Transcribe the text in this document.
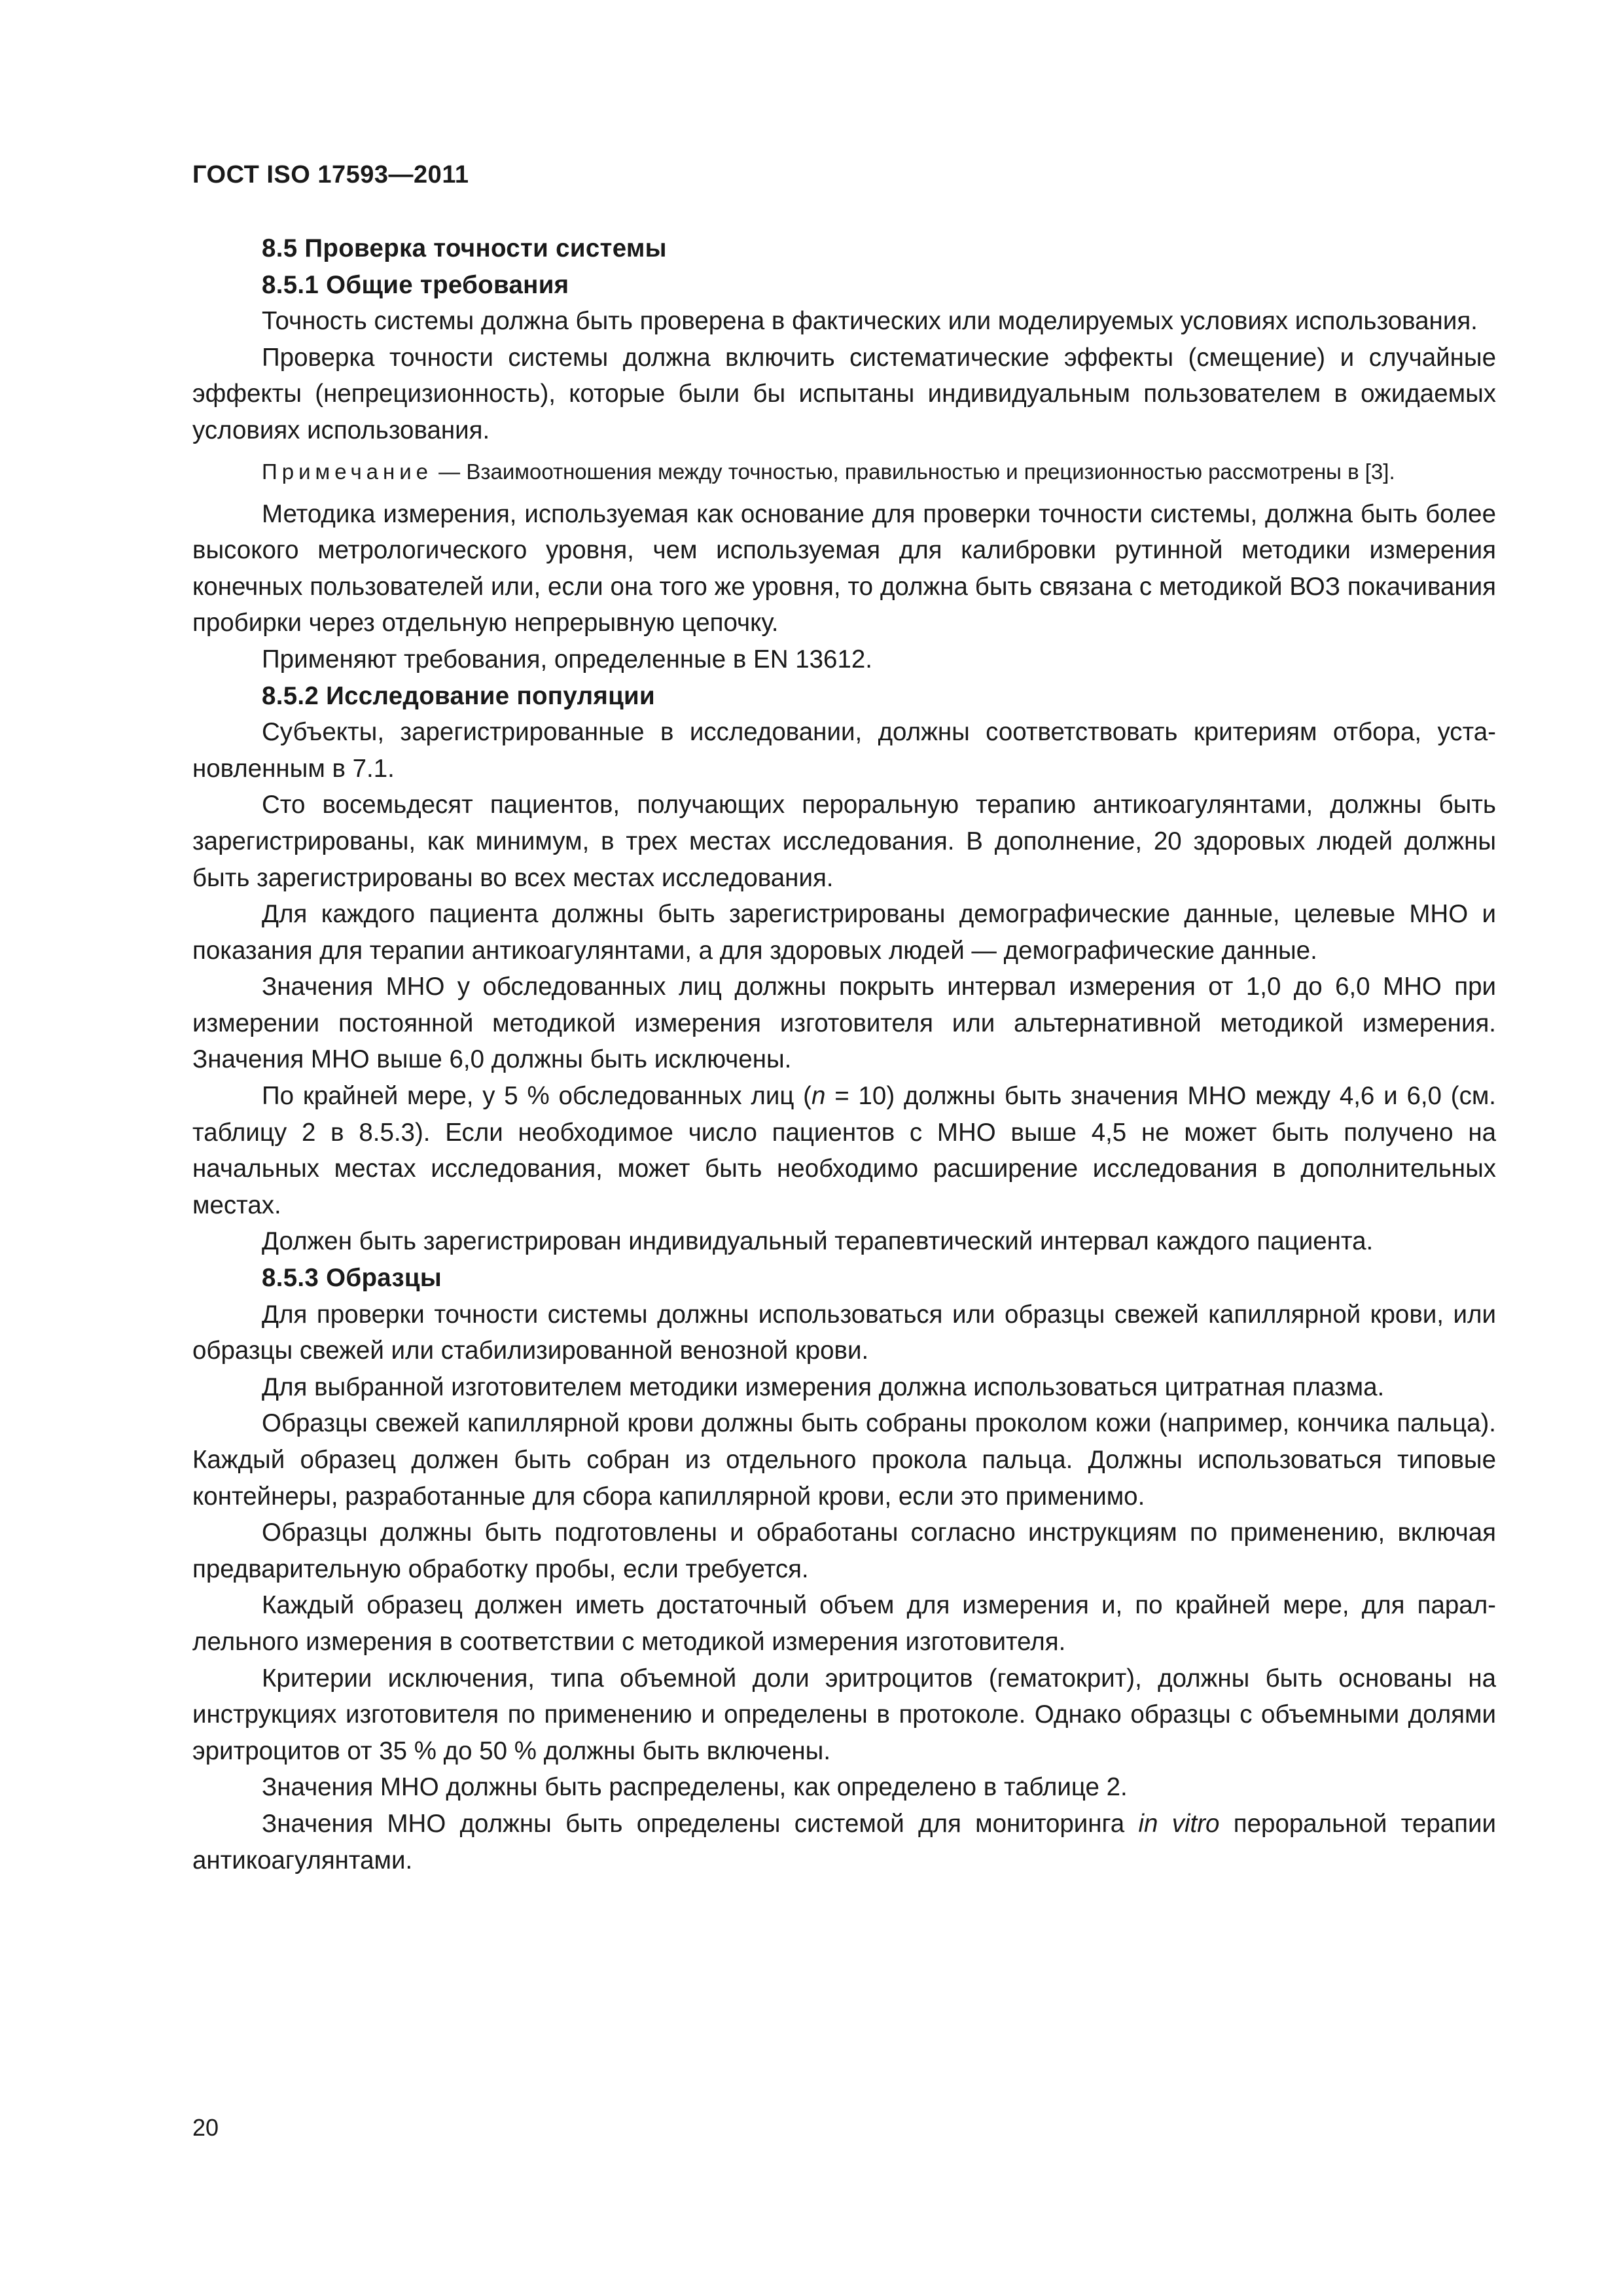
ГОСТ ISO 17593—2011
8.5 Проверка точности системы
8.5.1 Общие требования

Точность системы должна быть проверена в фактических или моделируемых условиях использования.

Проверка точности системы должна включить систематические эффекты (смещение) и случайные эффекты (непрецизионность), которые были бы испытаны индивидуальным пользователем в ожидаемых условиях использования.

Примечание — Взаимоотношения между точностью, правильностью и прецизионностью рассмотрены в [3].

Методика измерения, используемая как основание для проверки точности системы, должна быть более высокого метрологического уровня, чем используемая для калибровки рутинной методики измерения конечных пользователей или, если она того же уровня, то должна быть связана с методикой ВОЗ покачивания пробирки через отдельную непрерывную цепочку.

Применяют требования, определенные в EN 13612.

8.5.2 Исследование популяции

Субъекты, зарегистрированные в исследовании, должны соответствовать критериям отбора, установленным в 7.1.

Сто восемьдесят пациентов, получающих пероральную терапию антикоагулянтами, должны быть зарегистрированы, как минимум, в трех местах исследования. В дополнение, 20 здоровых людей должны быть зарегистрированы во всех местах исследования.

Для каждого пациента должны быть зарегистрированы демографические данные, целевые МНО и показания для терапии антикоагулянтами, а для здоровых людей — демографические данные.

Значения МНО у обследованных лиц должны покрыть интервал измерения от 1,0 до 6,0 МНО при измерении постоянной методикой измерения изготовителя или альтернативной методикой измерения. Значения МНО выше 6,0 должны быть исключены.

По крайней мере, у 5 % обследованных лиц (n = 10) должны быть значения МНО между 4,6 и 6,0 (см. таблицу 2 в 8.5.3). Если необходимое число пациентов с МНО выше 4,5 не может быть получено на начальных местах исследования, может быть необходимо расширение исследования в дополнительных местах.

Должен быть зарегистрирован индивидуальный терапевтический интервал каждого пациента.

8.5.3 Образцы

Для проверки точности системы должны использоваться или образцы свежей капиллярной крови, или образцы свежей или стабилизированной венозной крови.

Для выбранной изготовителем методики измерения должна использоваться цитратная плазма.

Образцы свежей капиллярной крови должны быть собраны проколом кожи (например, кончика пальца). Каждый образец должен быть собран из отдельного прокола пальца. Должны использоваться типовые контейнеры, разработанные для сбора капиллярной крови, если это применимо.

Образцы должны быть подготовлены и обработаны согласно инструкциям по применению, включая предварительную обработку пробы, если требуется.

Каждый образец должен иметь достаточный объем для измерения и, по крайней мере, для параллельного измерения в соответствии с методикой измерения изготовителя.

Критерии исключения, типа объемной доли эритроцитов (гематокрит), должны быть основаны на инструкциях изготовителя по применению и определены в протоколе. Однако образцы с объемными долями эритроцитов от 35 % до 50 % должны быть включены.

Значения МНО должны быть распределены, как определено в таблице 2.

Значения МНО должны быть определены системой для мониторинга in vitro пероральной терапии антикоагулянтами.

20
